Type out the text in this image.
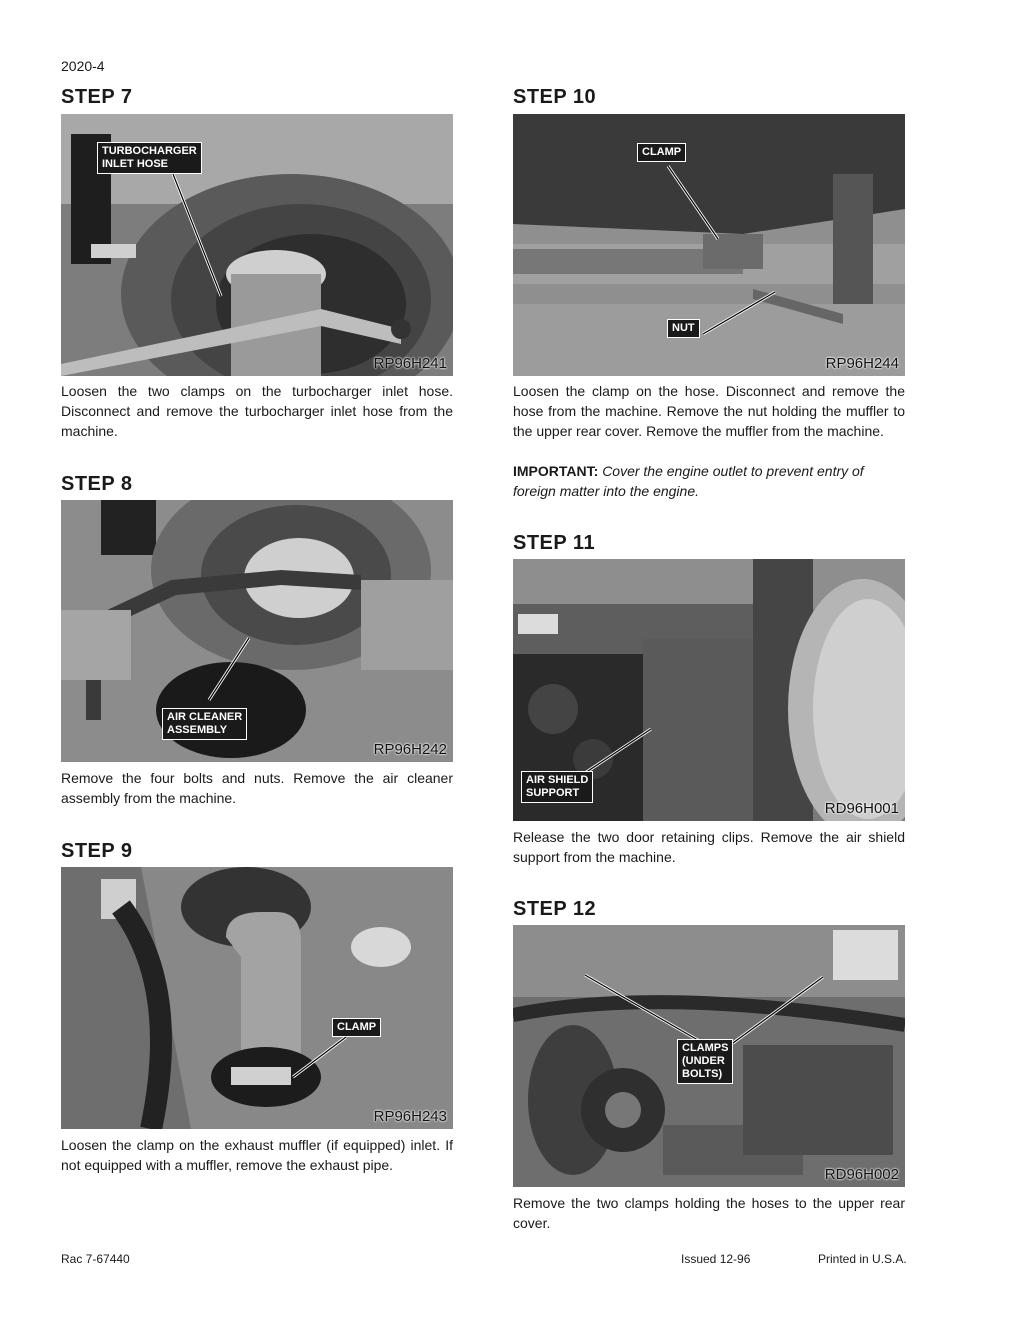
2020-4
STEP 7
TURBOCHARGER
INLET HOSE
RP96H241
Loosen the two clamps on the turbocharger inlet hose. Disconnect and remove the turbocharger inlet hose from the machine.
STEP 8
AIR CLEANER
ASSEMBLY
RP96H242
Remove the four bolts and nuts. Remove the air cleaner assembly from the machine.
STEP 9
CLAMP
RP96H243
Loosen the clamp on the exhaust muffler (if equipped) inlet. If not equipped with a muffler, remove the exhaust pipe.
STEP 10
CLAMP
NUT
RP96H244
Loosen the clamp on the hose. Disconnect and remove the hose from the machine. Remove the nut holding the muffler to the upper rear cover. Remove the muffler from the machine.
IMPORTANT: Cover the engine outlet to prevent entry of foreign matter into the engine.
STEP 11
AIR SHIELD
SUPPORT
RD96H001
Release the two door retaining clips. Remove the air shield support from the machine.
STEP 12
CLAMPS
(UNDER
BOLTS)
RD96H002
Remove the two clamps holding the hoses to the upper rear cover.
Rac 7-67440	Issued 12-96	Printed in U.S.A.
